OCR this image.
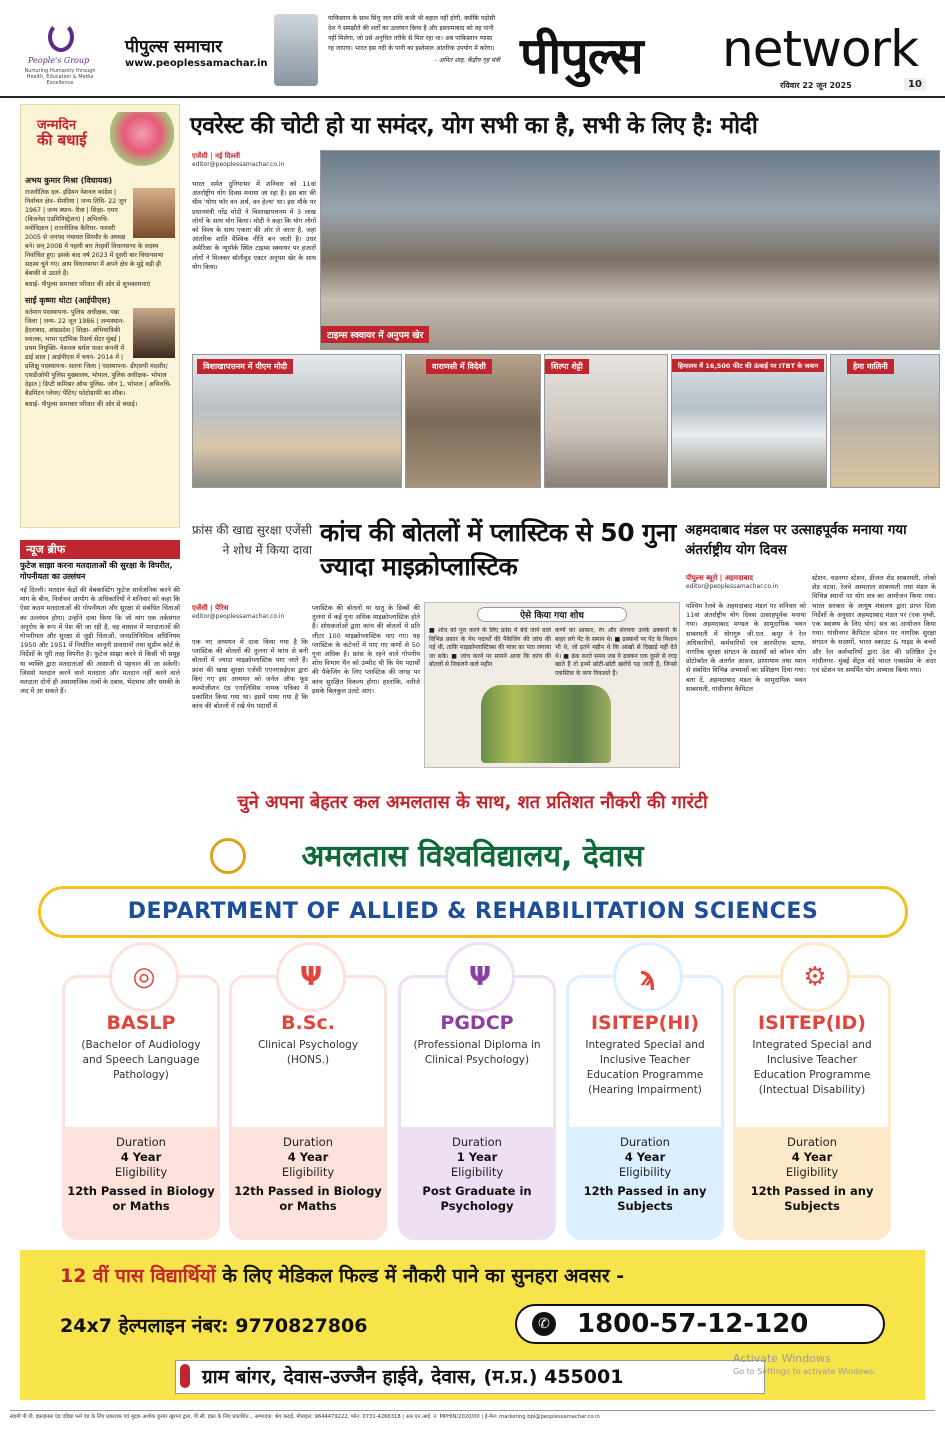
People's Group
Nurturing Humanity through Health, Education & Media Excellence
पीपुल्स समाचार
www.peoplessamachar.in
पाकिस्तान के साथ सिंधु जल संधि कभी भी बहाल नहीं होगी, क्योंकि पड़ोसी देश ने समझौते की शर्तों का उल्लंघन किया है और इस्लामाबाद को वह पानी नहीं मिलेगा, जो उसे अनुचित तरीके से मिल रहा था। अब पाकिस्तान प्यासा रह जाएगा। भारत इस नदी के पानी का इस्तेमाल आंतरिक उपयोग में करेगा।
- अमित शाह, केंद्रीय गृह मंत्री पीपुल्स network
रविवार 22 जून 2025	10
जन्मदिन
की बधाई

अभय कुमार मिश्रा (विधायक)

राजनीतिक दल- इंडियन नेशनल कांग्रेस | निर्वाचन क्षेत्र- सेमरिया | जन्म तिथि- 22 जून 1967 | जन्म स्थान- रीवा | शिक्षा- एमए (बिजनेस एडमिनिस्ट्रेशन) | अभिरुचि- मनोविज्ञान | राजनीतिक कैरियर- फरवरी 2005 से जनपद पंचायत सिरमौर के अध्यक्ष बने। सन् 2008 में पहली बार तेरहवीं विधानसभा के सदस्य निर्वाचित हुए। इसके बाद वर्ष 2023 में दूसरी बार विधानसभा सदस्य चुने गए। आप विधानसभा में अपने क्षेत्र के मुद्दे बड़ी ही बेबाकी से उठाते हैं।

बधाई- पीपुल्स समाचार परिवार की ओर से शुभकामनाएं

साईं कृष्णा थोटा (आईपीएस)

वर्तमान पदस्थापना- पुलिस अधीक्षक, पन्ना जिला | जन्म- 22 जून 1986 | जन्मस्थान- हैदराबाद, आंध्रप्रदेश | शिक्षा- अभियांत्रिकी स्नातक, भाभा एटॉमिक रिसर्च सेंटर मुंबई | प्रथम नियुक्ति- नेशनल थर्मल पावर कंपनी में ढाई साल | आईपीएस में चयन- 2014 में | प्रशिक्षु पदस्थापना- सतना जिला | पदस्थापना- डीएसपी मंदसौर/ एसडीओपी पुलिस मुख्यालय, भोपाल, पुलिस अधीक्षक- भोपाल देहात | डिप्टी कमिश्नर ऑफ पुलिस- जोन 1, भोपाल | अभिरुचि- बैडमिंटन प्लेयर/ पेंटिंग/ फोटोग्राफी का शौक।

बधाई- पीपुल्स समाचार परिवार की ओर से बधाई।

एवरेस्ट की चोटी हो या समंदर, योग सभी का है, सभी के लिए है: मोदी
एजेंसी | नई दिल्ली
editor@peoplessamachar.co.in
भारत समेत दुनियाभर में शनिवार को 11वां अंतर्राष्ट्रीय योग दिवस मनाया जा रहा है। इस बार की थीम 'योगा फॉर वन अर्थ, वन हेल्थ' था। इस मौके पर प्रधानमंत्री नरेंद्र मोदी ने विशाखापत्तनम में 3 लाख लोगों के साथ योग किया। मोदी ने कहा कि योग लोगों को विश्व के साथ एकता की ओर ले जाता है, जहां आंतरिक शांति वैश्विक नीति बन जाती है। उधर अमेरिका के न्यूयॉर्क स्थित टाइम्स स्क्वायर पर हजारों लोगों ने मिलकर बॉलीवुड एक्टर अनुपम खेर के साथ योग किया।
टाइम्स स्क्वायर में अनुपम खेर
विशाखापत्तनम में पीएम मोदी	वाराणसी में विदेशी	शिल्पा शेट्टी	हिमालय में 16,500 फीट की ऊंचाई पर ITBT के जवान	हेमा मालिनी
न्यूज ब्रीफ
फुटेज साझा करना मतदाताओं की सुरक्षा के विपरीत, गोपनीयता का उल्लंघन
नई दिल्ली। मतदान केंद्रों की वेबकास्टिंग फुटेज सार्वजनिक करने की मांग के बीच, निर्वाचन आयोग के अधिकारियों ने शनिवार को कहा कि ऐसा कदम मतदाताओं की गोपनीयता और सुरक्षा से संबंधित चिंताओं का उल्लंघन होगा। उन्होंने दावा किया कि जो मांग एक तर्कसंगत अनुरोध के रूप में पेश की जा रही है, वह वास्तव में मतदाताओं की गोपनीयता और सुरक्षा से जुड़ी चिंताओं, जनप्रतिनिधित्व अधिनियम 1950 और 1951 में निर्धारित कानूनी प्रावधानों तथा सुप्रीम कोर्ट के निर्देशों के पूरी तरह विपरीत है। फुटेज साझा करने से किसी भी समूह या व्यक्ति द्वारा मतदाताओं की आसानी से पहचान की जा सकेगी। जिससे मतदान करने वाले मतदाता और मतदान नहीं करने वाले मतदाता दोनों ही असामाजिक तत्वों के दबाव, भेदभाव और धमकी के जद में आ सकते हैं।
फ्रांस की खाद्य सुरक्षा एजेंसी ने शोध में किया दावा
कांच की बोतलों में प्लास्टिक से 50 गुना ज्यादा माइक्रोप्लास्टिक
एजेंसी | पेरिस
editor@peoplessamachar.co.in
एक नए अध्ययन में दावा किया गया है कि प्लास्टिक की बोतलों की तुलना में कांच से बनी बोतलों में ज्यादा माइक्रोप्लास्टिक पाए जाते हैं। फ्रांस की खाद्य सुरक्षा एजेंसी एएनएसईएस द्वारा किए गए इस अध्ययन को जर्नल ऑफ फूड कम्पोजीशन एंड एनालिसिस नामक पत्रिका में प्रकाशित किया गया था। इसमें पाया गया है कि कांच की बोतलों में रखे पेय पदार्थों में
प्लास्टिक की बोतलों या धातु के डिब्बों की तुलना में कई गुना अधिक माइक्रोप्लास्टिक होते हैं। शोधकर्ताओं द्वारा कांच की बोतलों में प्रति लीटर 100 माइक्रोप्लास्टिक पाए गए। यह प्लास्टिक के कंटेनरों में पाए गए कणों से 50 गुना अधिक है। फ्रांस के रहने वाले गोपनीय शोध विभाग चैन को उम्मीद थी कि पेय पदार्थों की पैकेजिंग के लिए प्लास्टिक की जगह पर कांच सुरक्षित विकल्प होगा। हालांकि, नतीजे इसके बिलकुल उलटे आए।
ऐसे किया गया शोध
■ शोध को पूरा करने के लिए फ्रांस में बेचे जाने वाले विभिन्न प्रकार के पेय पदार्थों की पैकेजिंग की जांच की गई थी, ताकि माइक्रोप्लास्टिक्स की मात्रा का पता लगाया जा सके। ■ जांच करने पर सामने आया कि कांच की बोतलों से निकलने वाले महीन
कणों का आकार, रंग और संरचना उनके ढक्कनों के बाहर लगे पेंट के समान थे। ■ ढक्कनों पर पेंट के निशान भी थे, जो इतने महीन थे कि आंखों से दिखाई नहीं देते थे। ■ ढंक करते समय जब ये ढक्कन एक दूसरे से रगड़ खाते हैं तो इनमें छोटी-छोटी खरोंचें पड़ जाती हैं, जिनसे प्लास्टिक के कण निकलते हैं।
अहमदाबाद मंडल पर उत्साहपूर्वक मनाया गया अंतर्राष्ट्रीय योग दिवस
पीपुल्स ब्यूरो | अहमदाबाद
editor@peoplessamachar.co.in
पश्चिम रेलवे के अहमदाबाद मंडल पर शनिवार को 11वां अंतर्राष्ट्रीय योग दिवस उत्साहपूर्वक मनाया गया। अहमदाबाद मण्डल के सामुदायिक भवन साबरमती में योगगुरु जी.एल. कपूर ने रेल अधिकारियों, कर्मचारियों एवं आरपीएफ स्टाफ, नागरिक सुरक्षा संगठन के सदस्यों को कॉमन योग प्रोटोकॉल के अंतर्गत आसन, प्राणायाम तथा ध्यान से संबंधित विभिन्न अभ्यासों का प्रशिक्षण दिया गया। बता दें, अहमदाबाद मंडल के सामुदायिक भवन साबरमती, गांधीनगर कैपिटल
स्टेशन, चडनगर स्टेशन, डीजल शेड साबरमती, लोको शेड वटवा, रेलवे अस्पताल साबरमती तथा मंडल के विभिन्न स्थानों पर योग सत्र का आयोजन किया गया। भारत सरकार के आयुष मंत्रालय द्वारा प्राप्त दिशा निर्देशों के अनुसार अहमदाबाद मंडल पर (एक पृथ्वी, एक स्वास्थ्य के लिए योग) सत्र का आयोजन किया गया। गांधीनगर कैपिटल स्टेशन पर नागरिक सुरक्षा संगठन के सदस्यों, भारत स्काउट & गाइड के बच्चों और रेल कर्मचारियों द्वारा देश की प्रतिष्ठित ट्रेन गांधीनगर- मुंबई सेंट्रल वंदे भारत एक्सप्रेस के अंदर एवं स्टेशन पर समर्पित योग अभ्यास किया गया।
चुने अपना बेहतर कल अमलतास के साथ, शत प्रतिशत नौकरी की गारंटी
अमलतास विश्वविद्यालय, देवास
DEPARTMENT OF ALLIED & REHABILITATION SCIENCES
◎
BASLP
(Bachelor of Audiology and Speech Language Pathology)
Duration
4 Year
Eligibility
12th Passed in Biology or Maths
Ψ
B.Sc.
Clinical Psychology (HONS.)
Duration
4 Year
Eligibility
12th Passed in Biology or Maths
Ψ
PGDCP
(Professional Diploma in Clinical Psychology)
Duration
1 Year
Eligibility
Post Graduate in Psychology
ϡ
ISITEP(HI)
Integrated Special and Inclusive Teacher Education Programme (Hearing Impairment)
Duration
4 Year
Eligibility
12th Passed in any Subjects
⚙
ISITEP(ID)
Integrated Special and Inclusive Teacher Education Programme (Intectual Disability)
Duration
4 Year
Eligibility
12th Passed in any Subjects
12 वीं पास विद्यार्थियों के लिए मेडिकल फिल्ड में नौकरी पाने का सुनहरा अवसर -
24x7 हेल्पलाइन नंबर: 9770827806	1800-57-12-120
✆
ग्राम बांगर, देवास-उज्जैन हाईवे, देवास, (म.प्र.) 455001
Activate Windows
Go to Settings to activate Windows.
स्वामी पी.पी. इंफ्राइन्फ्रा एंड एडिप्रा फर्म एंड के लिए प्रकाशक एवं मुद्रक अशोक कुमार खुराना द्वारा, पी.सी. इंफ्रा के लिए प्रकाशित... सम्पादक: श्रेय कराई, मोबाइल: 9644479222, फोन: 0731-4266318 | आर.एन.आई. नं. MPHIN/2020/00 | ई-मेल: marketing.bpl@peoplessamachar.co.in
